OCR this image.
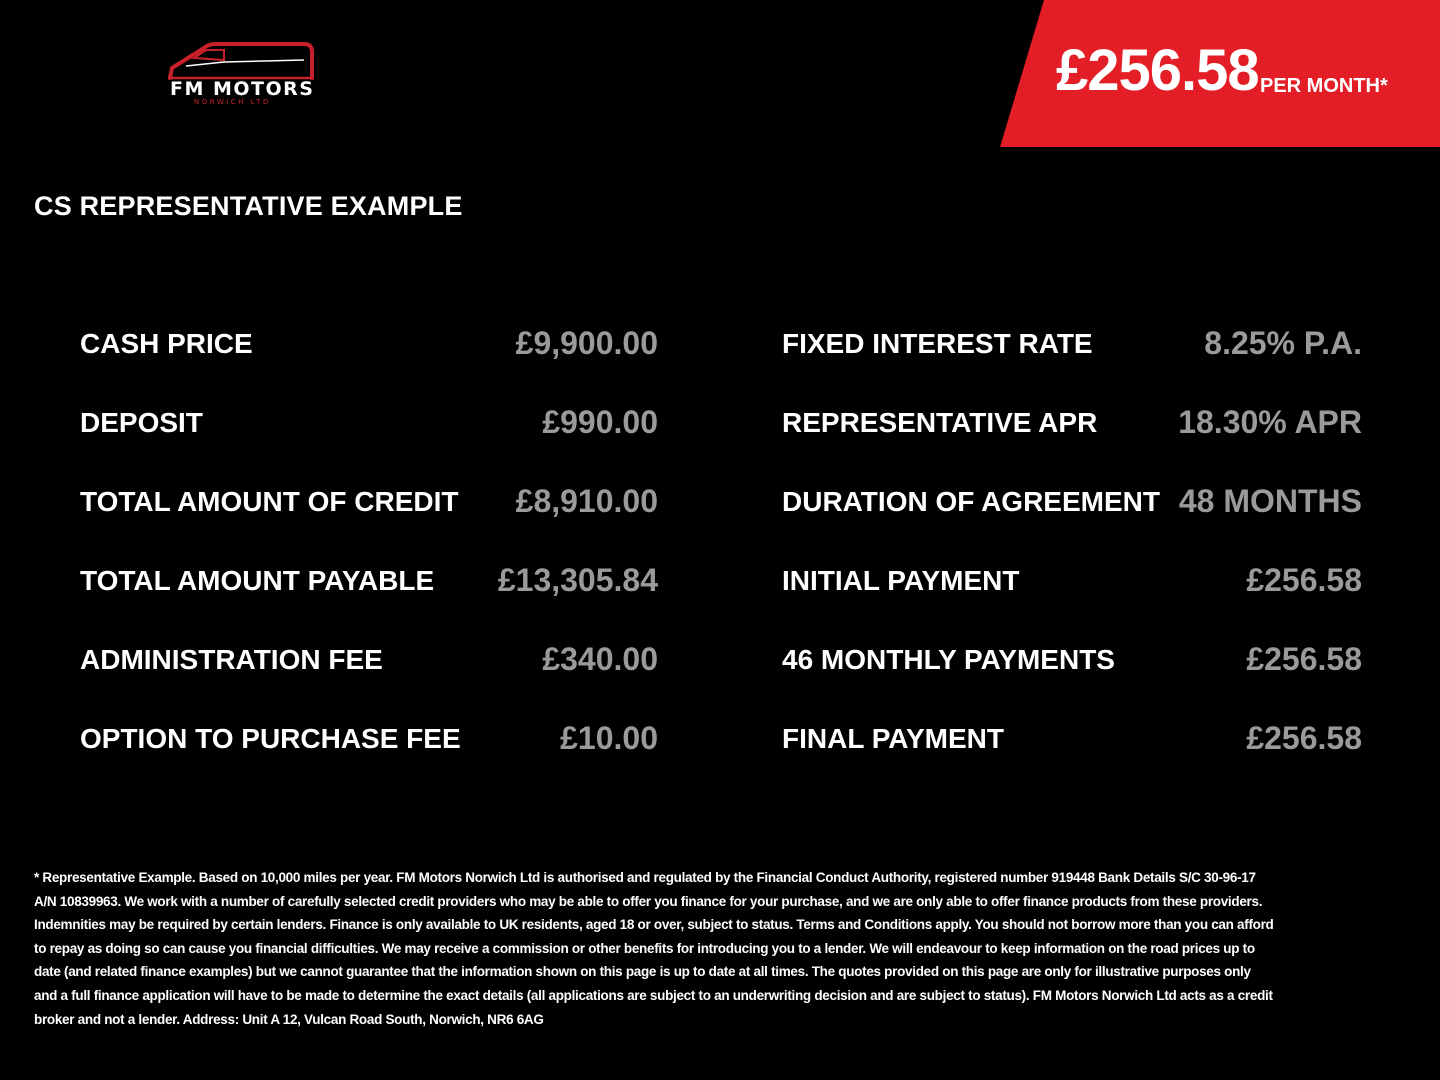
FM MOTORS
NORWICH LTD	£256.58 PER MONTH*
CS REPRESENTATIVE EXAMPLE
CASH PRICE	£9,900.00
DEPOSIT	£990.00
TOTAL AMOUNT OF CREDIT £8,910.00
TOTAL AMOUNT PAYABLE £13,305.84
ADMINISTRATION FEE	£340.00
OPTION TO PURCHASE FEE	£10.00
FIXED INTEREST RATE	8.25% P.A.
REPRESENTATIVE APR	18.30% APR
DURATION OF AGREEMENT 48 MONTHS
INITIAL PAYMENT	£256.58
46 MONTHLY PAYMENTS	£256.58
FINAL PAYMENT	£256.58

* Representative Example. Based on 10,000 miles per year. FM Motors Norwich Ltd is authorised and regulated by the Financial Conduct Authority, registered number 919448 Bank Details S/C 30-96-17 A/N 10839963. We work with a number of carefully selected credit providers who may be able to offer you finance for your purchase, and we are only able to offer finance products from these providers. Indemnities may be required by certain lenders. Finance is only available to UK residents, aged 18 or over, subject to status. Terms and Conditions apply. You should not borrow more than you can afford to repay as doing so can cause you financial difficulties. We may receive a commission or other benefits for introducing you to a lender. We will endeavour to keep information on the road prices up to date (and related finance examples) but we cannot guarantee that the information shown on this page is up to date at all times. The quotes provided on this page are only for illustrative purposes only and a full finance application will have to be made to determine the exact details (all applications are subject to an underwriting decision and are subject to status). FM Motors Norwich Ltd acts as a credit broker and not a lender. Address: Unit A 12, Vulcan Road South, Norwich, NR6 6AG
